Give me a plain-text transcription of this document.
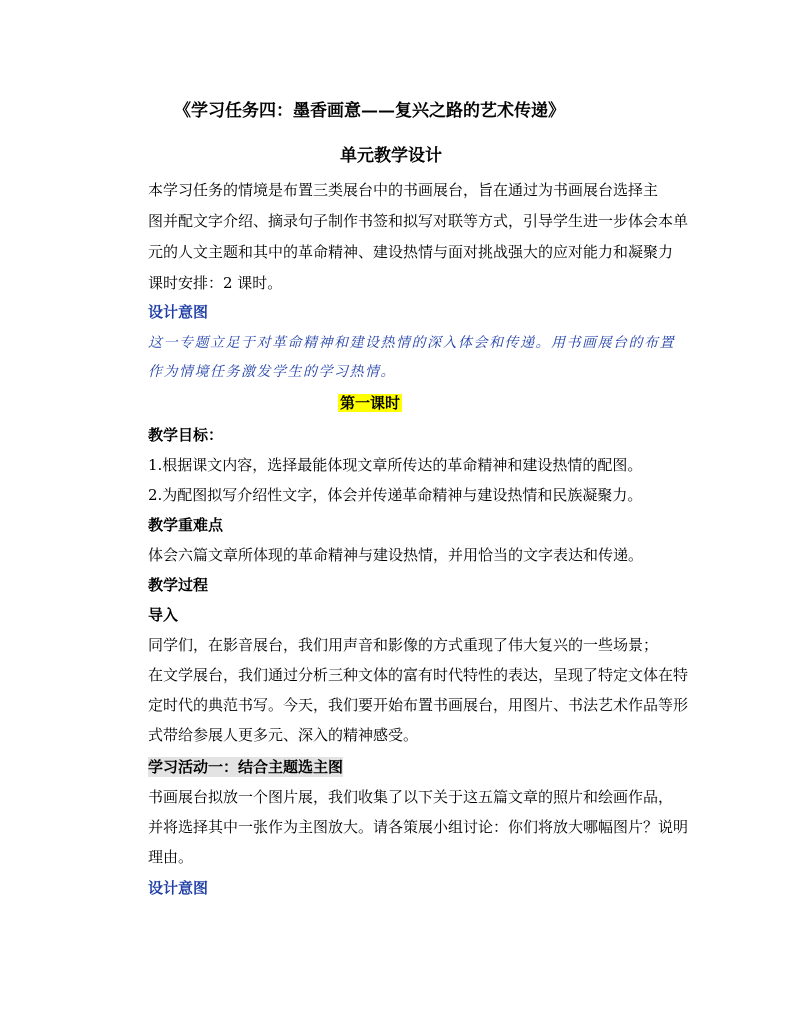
《学习任务四：墨香画意——复兴之路的艺术传递》
单元教学设计
本学习任务的情境是布置三类展台中的书画展台，旨在通过为书画展台选择主
图并配文字介绍、摘录句子制作书签和拟写对联等方式，引导学生进一步体会本单
元的人文主题和其中的革命精神、建设热情与面对挑战强大的应对能力和凝聚力
课时安排：2 课时。
设计意图
这一专题立足于对革命精神和建设热情的深入体会和传递。用书画展台的布置
作为情境任务激发学生的学习热情。
第一课时
教学目标：
1.根据课文内容，选择最能体现文章所传达的革命精神和建设热情的配图。
2.为配图拟写介绍性文字，体会并传递革命精神与建设热情和民族凝聚力。
教学重难点
体会六篇文章所体现的革命精神与建设热情，并用恰当的文字表达和传递。
教学过程
导入
同学们，在影音展台，我们用声音和影像的方式重现了伟大复兴的一些场景；
在文学展台，我们通过分析三种文体的富有时代特性的表达，呈现了特定文体在特
定时代的典范书写。今天，我们要开始布置书画展台，用图片、书法艺术作品等形
式带给参展人更多元、深入的精神感受。
学习活动一：结合主题选主图
书画展台拟放一个图片展，我们收集了以下关于这五篇文章的照片和绘画作品，
并将选择其中一张作为主图放大。请各策展小组讨论：你们将放大哪幅图片？说明
理由。
设计意图
